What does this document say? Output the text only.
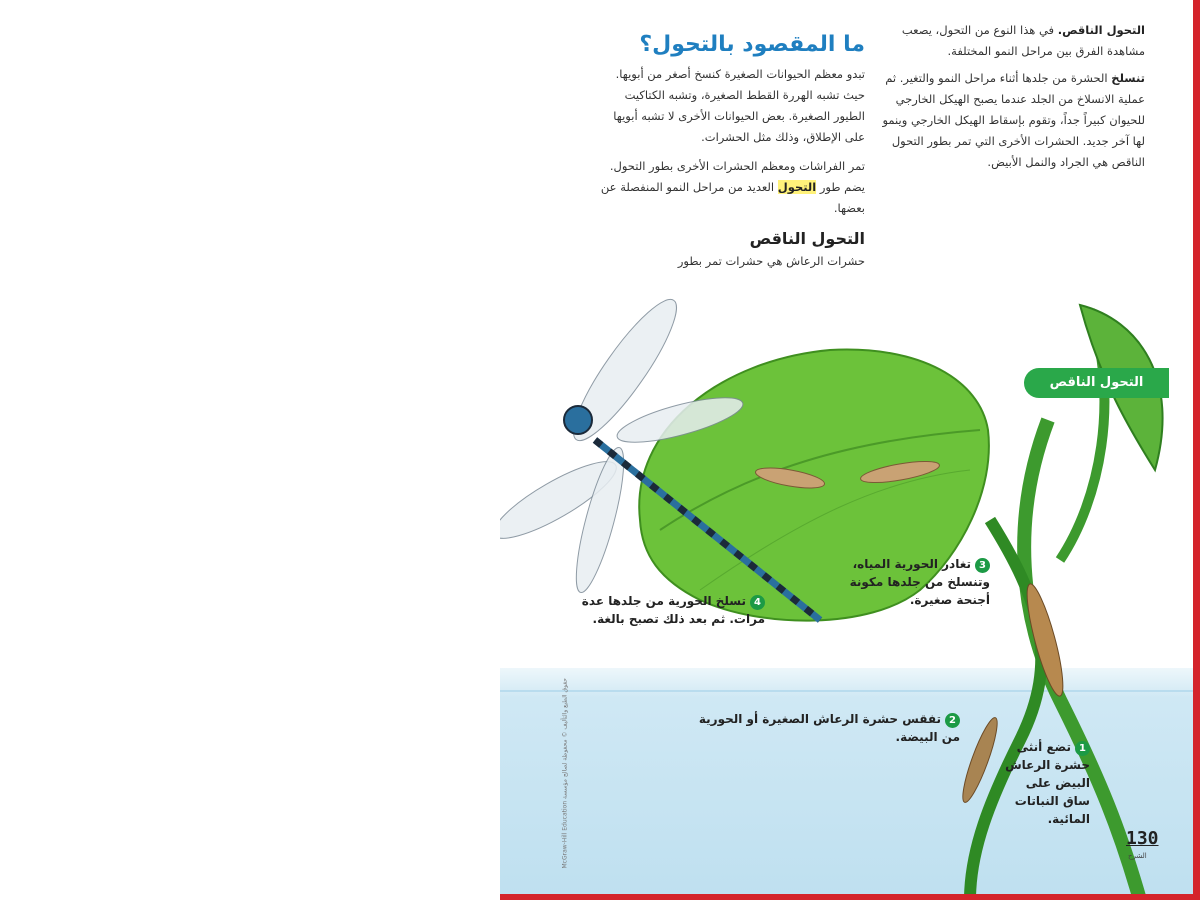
التحول الناقص. في هذا النوع من التحول، يصعب مشاهدة الفرق بين مراحل النمو المختلفة.

تنسلخ الحشرة من جلدها أثناء مراحل النمو والتغير. ثم عملية الانسلاخ من الجلد عندما يصبح الهيكل الخارجي للحيوان كبيراً جداً، وتقوم بإسقاط الهيكل الخارجي وينمو لها آخر جديد. الحشرات الأخرى التي تمر بطور التحول الناقص هي الجراد والنمل الأبيض.

ما المقصود بالتحول؟

تبدو معظم الحيوانات الصغيرة كنسخ أصغر من أبويها. حيث تشبه الهررة القطط الصغيرة، وتشبه الكتاكيت الطيور الصغيرة. بعض الحيوانات الأخرى لا تشبه أبويها على الإطلاق، وذلك مثل الحشرات.

تمر الفراشات ومعظم الحشرات الأخرى بطور التحول. يضم طور التحول العديد من مراحل النمو المنفصلة عن بعضها.

التحول الناقص

حشرات الرعاش هي حشرات تمر بطور

التحول الناقص
1تضع أنثى حشرة الرعاش البيض على ساق النباتات المائية.
2تفقس حشرة الرعاش الصغيرة أو الحورية من البيضة.
3تغادر الحورية المياه، وتنسلخ من جلدها مكونة أجنحة صغيرة.
4تسلخ الحورية من جلدها عدة مرات. ثم بعد ذلك تصبح بالغة.
McGraw-Hill Education حقوق الطبع والتأليف © محفوظة لصالح مؤسسة
130
الشرح
